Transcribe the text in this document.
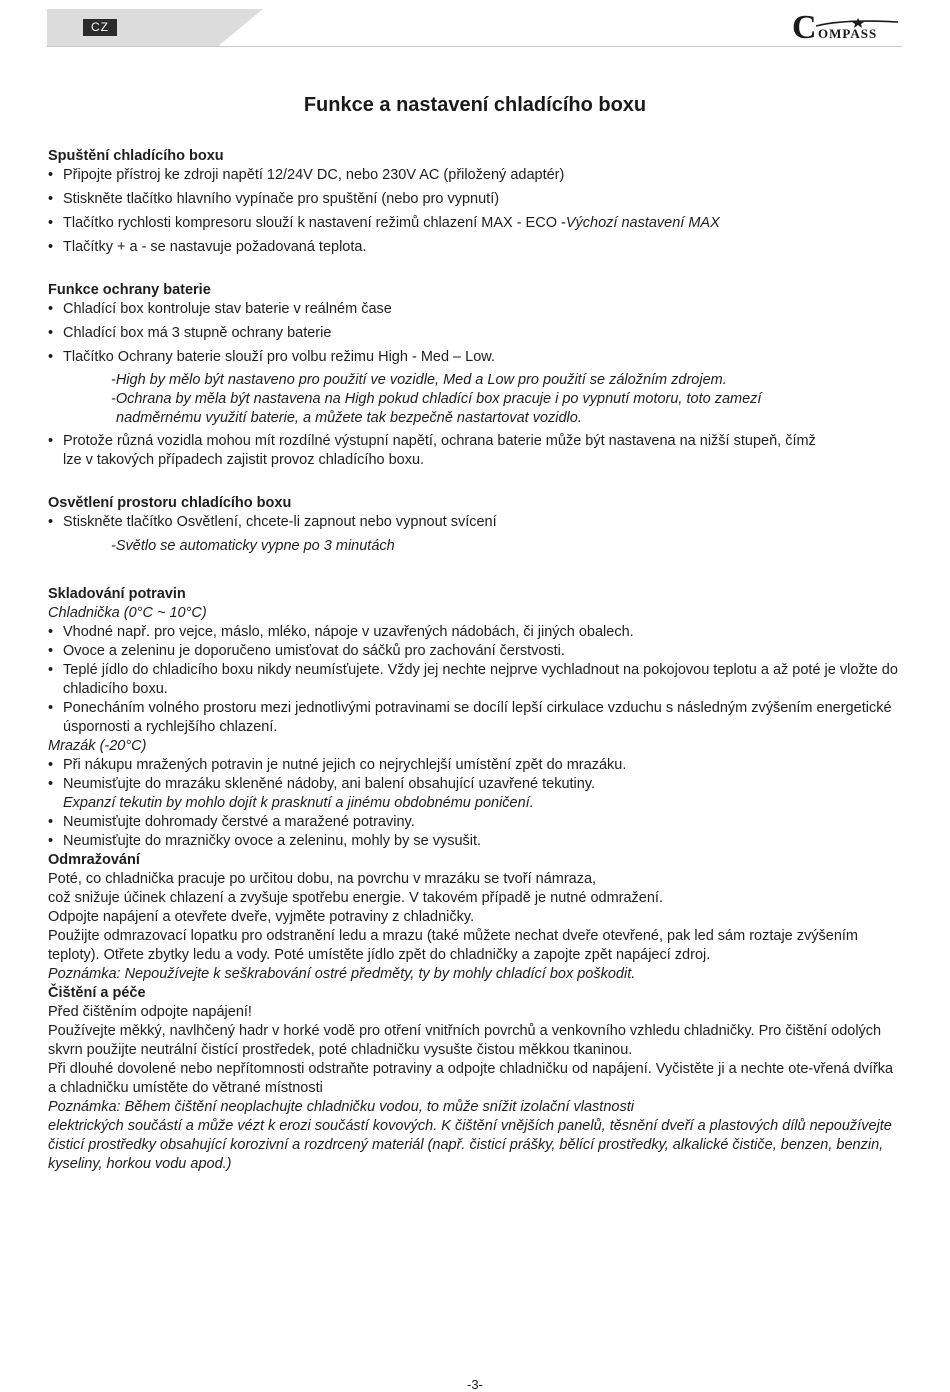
CZ	C OMPASS
Funkce a nastavení chladícího boxu

Spuštění chladícího boxu

• Připojte přístroj ke zdroji napětí 12/24V DC, nebo 230V AC (přiložený adaptér)
• Stiskněte tlačítko hlavního vypínače pro spuštění (nebo pro vypnutí)
• Tlačítko rychlosti kompresoru slouží k nastavení režimů chlazení MAX - ECO -Výchozí nastavení MAX
• Tlačítky + a - se nastavuje požadovaná teplota.

Funkce ochrany baterie

• Chladící box kontroluje stav baterie v reálném čase
• Chladící box má 3 stupně ochrany baterie
• Tlačítko Ochrany baterie slouží pro volbu režimu High - Med – Low.

-High by mělo být nastaveno pro použití ve vozidle, Med a Low pro použití se záložním zdrojem.

-Ochrana by měla být nastavena na High pokud chladící box pracuje i po vypnutí motoru, toto zamezí

nadměrnému využití baterie, a můžete tak bezpečně nastartovat vozidlo.

• Protože různá vozidla mohou mít rozdílné výstupní napětí, ochrana baterie může být nastavena na nižší stupeň, čímž
lze v takových případech zajistit provoz chladícího boxu.

Osvětlení prostoru chladícího boxu

• Stiskněte tlačítko Osvětlení, chcete-li zapnout nebo vypnout svícení

-Světlo se automaticky vypne po 3 minutách

Skladování potravin

Chladnička (0°C ~ 10°C)

• Vhodné např. pro vejce, máslo, mléko, nápoje v uzavřených nádobách, či jiných obalech.
• Ovoce a zeleninu je doporučeno umisťovat do sáčků pro zachování čerstvosti.
• Teplé jídlo do chladicího boxu nikdy neumísťujete. Vždy jej nechte nejprve vychladnout na pokojovou teplotu a až poté je vložte do chladicího boxu.
• Ponecháním volného prostoru mezi jednotlivými potravinami se docílí lepší cirkulace vzduchu s následným zvýšením energetické úspornosti a rychlejšího chlazení.

Mrazák (-20°C)

• Při nákupu mražených potravin je nutné jejich co nejrychlejší umístění zpět do mrazáku.
• Neumisťujte do mrazáku skleněné nádoby, ani balení obsahující uzavřené tekutiny.
Expanzí tekutin by mohlo dojít k prasknutí a jinému obdobnému poničení.
• Neumisťujte dohromady čerstvé a maražené potraviny.
• Neumisťujte do mrazničky ovoce a zeleninu, mohly by se vysušit.

Odmražování

Poté, co chladnička pracuje po určitou dobu, na povrchu v mrazáku se tvoří námraza,

což snižuje účinek chlazení a zvyšuje spotřebu energie. V takovém případě je nutné odmražení.

Odpojte napájení a otevřete dveře, vyjměte potraviny z chladničky.

Použijte odmrazovací lopatku pro odstranění ledu a mrazu (také můžete nechat dveře otevřené, pak led sám roztaje zvýšením teploty). Otřete zbytky ledu a vody. Poté umístěte jídlo zpět do chladničky a zapojte zpět napájecí zdroj.

Poznámka: Nepoužívejte k seškrabování ostré předměty, ty by mohly chladící box poškodit.

Čištění a péče

Před čištěním odpojte napájení!

Používejte měkký, navlhčený hadr v horké vodě pro otření vnitřních povrchů a venkovního vzhledu chladničky. Pro čištění odolých skvrn použijte neutrální čistící prostředek, poté chladničku vysušte čistou měkkou tkaninou.

Při dlouhé dovolené nebo nepřítomnosti odstraňte potraviny a odpojte chladničku od napájení. Vyčistěte ji a nechte ote-vřená dvířka a chladničku umístěte do větrané místnosti

Poznámka: Během čištění neoplachujte chladničku vodou, to může snížit izolační vlastnosti

elektrických součástí a může vézt k erozi součástí kovových. K čištění vnějších panelů, těsnění dveří a plastových dílů nepoužívejte čisticí prostředky obsahující korozivní a rozdrcený materiál (např. čisticí prášky, bělící prostředky, alkalické čističe, benzen, benzin, kyseliny, horkou vodu apod.)

-3-
